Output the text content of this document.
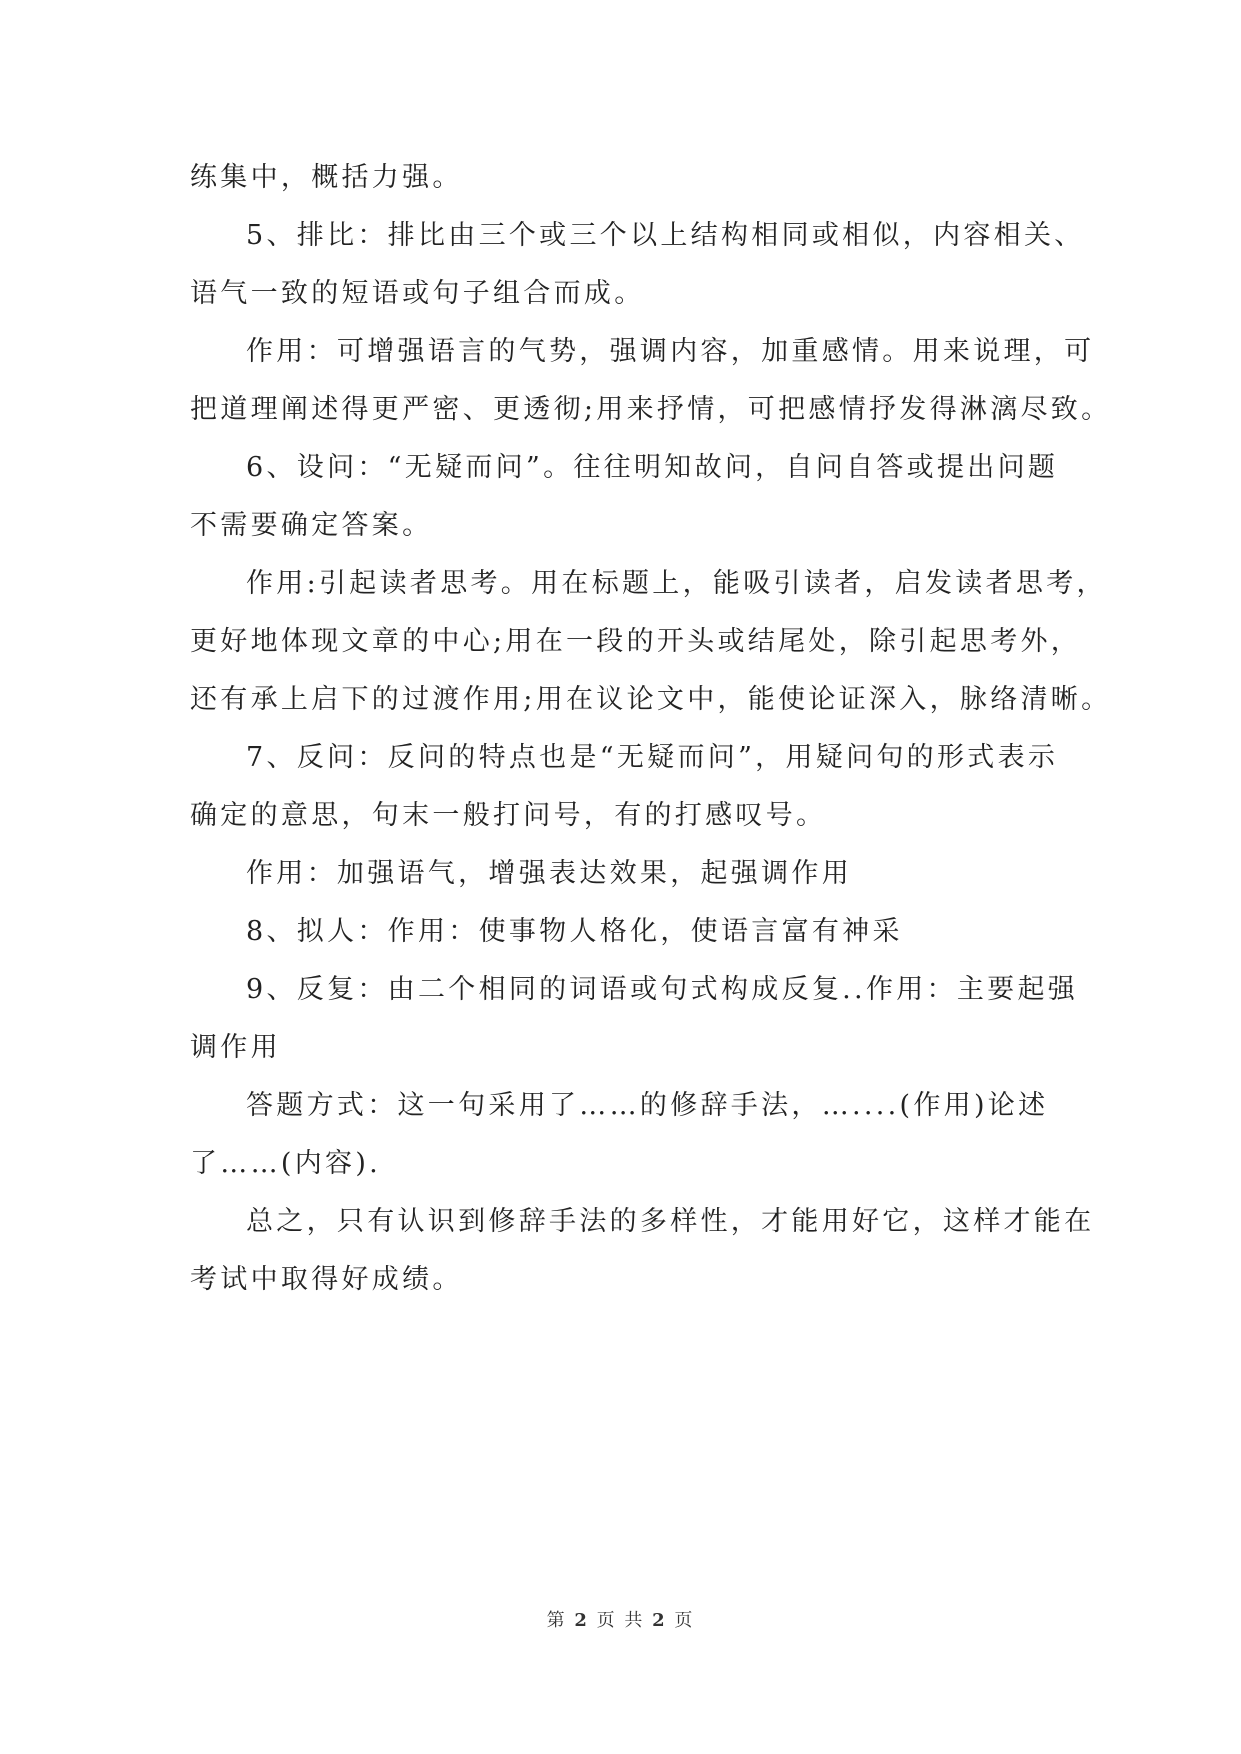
练集中，概括力强。
5、排比：排比由三个或三个以上结构相同或相似，内容相关、
语气一致的短语或句子组合而成。
作用：可增强语言的气势，强调内容，加重感情。用来说理，可
把道理阐述得更严密、更透彻;用来抒情，可把感情抒发得淋漓尽致。
6、设问：“无疑而问”。往往明知故问，自问自答或提出问题
不需要确定答案。
作用:引起读者思考。用在标题上，能吸引读者，启发读者思考，
更好地体现文章的中心;用在一段的开头或结尾处，除引起思考外，
还有承上启下的过渡作用;用在议论文中，能使论证深入，脉络清晰。
7、反问：反问的特点也是“无疑而问”，用疑问句的形式表示
确定的意思，句末一般打问号，有的打感叹号。
作用：加强语气，增强表达效果，起强调作用
8、拟人：作用：使事物人格化，使语言富有神采
9、反复：由二个相同的词语或句式构成反复..作用：主要起强
调作用
答题方式：这一句采用了……的修辞手法，…....(作用)论述
了……(内容).
总之，只有认识到修辞手法的多样性，才能用好它，这样才能在
考试中取得好成绩。
第 2 页 共 2 页
